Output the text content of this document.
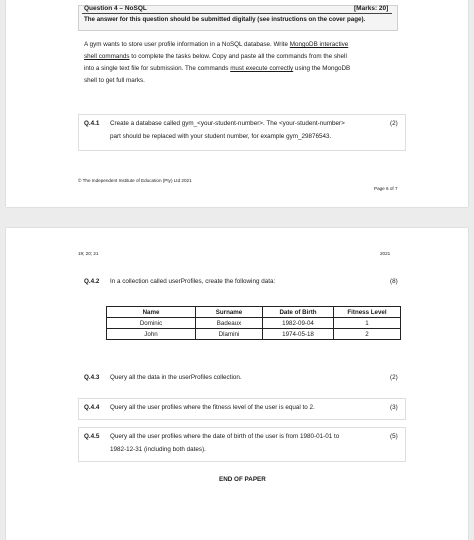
Question 4 – NoSQL	[Marks: 20]
The answer for this question should be submitted digitally (see instructions on the cover page).
A gym wants to store user profile information in a NoSQL database. Write MongoDB interactive
shell commands to complete the tasks below. Copy and paste all the commands from the shell
into a single text file for submission. The commands must execute correctly using the MongoDB
shell to get full marks.
Q.4.1 Create a database called gym_<your-student-number>. The <your-student-number>
part should be replaced with your student number, for example gym_29876543.
(2)
© The Independent Institute of Education (Pty) Ltd 2021
Page 6 of 7
19; 20; 21	2021
Q.4.2 In a collection called userProfiles, create the following data:	(8)
Name	Surname	Date of Birth	Fitness Level
Dominic	Badeaux	1982-09-04	1
John	Dlamini	1974-05-18	2
Q.4.3 Query all the data in the userProfiles collection.	(2)
Q.4.4 Query all the user profiles where the fitness level of the user is equal to 2.	(3)
Q.4.5 Query all the user profiles where the date of birth of the user is from 1980-01-01 to
1982-12-31 (including both dates).
(5)
END OF PAPER
